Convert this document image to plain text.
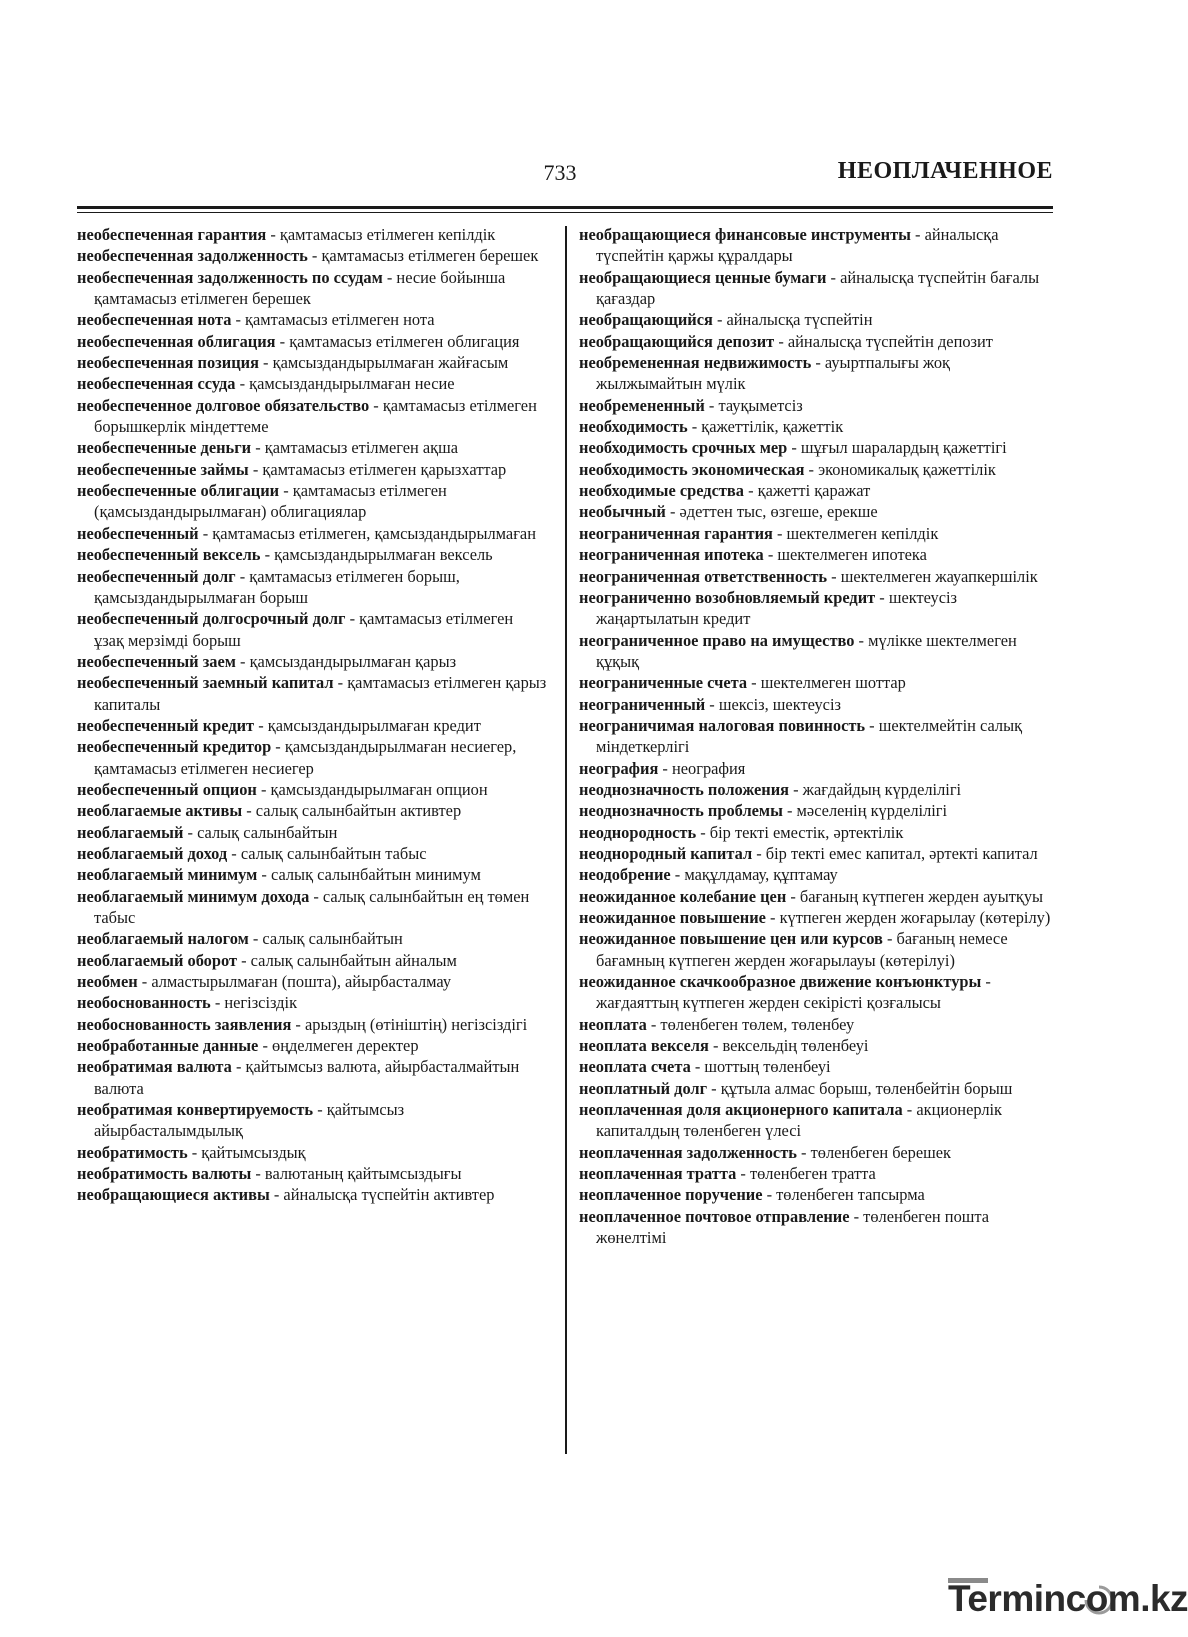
733	НЕОПЛАЧЕННОЕ
необеспеченная гарантия - қамтамасыз етілмеген кепілдік
необеспеченная задолженность - қамтамасыз етілмеген берешек
необеспеченная задолженность по ссудам - несие бойынша қамтамасыз етілмеген берешек
необеспеченная нота - қамтамасыз етілмеген нота
необеспеченная облигация - қамтамасыз етілмеген облигация
необеспеченная позиция - қамсыздандырылмаған жайғасым
необеспеченная ссуда - қамсыздандырылмаған несие
необеспеченное долговое обязательство - қамтамасыз етілмеген борышкерлік міндеттеме
необеспеченные деньги - қамтамасыз етілмеген ақша
необеспеченные займы - қамтамасыз етілмеген қарызхаттар
необеспеченные облигации - қамтамасыз етілмеген (қамсыздандырылмаған) облигациялар
необеспеченный - қамтамасыз етілмеген, қамсыздандырылмаған
необеспеченный вексель - қамсыздандырылмаған вексель
необеспеченный долг - қамтамасыз етілмеген борыш, қамсыздандырылмаған борыш
необеспеченный долгосрочный долг - қамтамасыз етілмеген ұзақ мерзімді борыш
необеспеченный заем - қамсыздандырылмаған қарыз
необеспеченный заемный капитал - қамтамасыз етілмеген қарыз капиталы
необеспеченный кредит - қамсыздандырылмаған кредит
необеспеченный кредитор - қамсыздандырылмаған несиегер, қамтамасыз етілмеген несиегер
необеспеченный опцион - қамсыздандырылмаған опцион
необлагаемые активы - салық салынбайтын активтер
необлагаемый - салық салынбайтын
необлагаемый доход - салық салынбайтын табыс
необлагаемый минимум - салық салынбайтын минимум
необлагаемый минимум дохода - салық салынбайтын ең төмен табыс
необлагаемый налогом - салық салынбайтын
необлагаемый оборот - салық салынбайтын айналым
необмен - алмастырылмаған (пошта), айырбасталмау
необоснованность - негізсіздік
необоснованность заявления - арыздың (өтініштің) негізсіздігі
необработанные данные - өңделмеген деректер
необратимая валюта - қайтымсыз валюта, айырбасталмайтын валюта
необратимая конвертируемость - қайтымсыз айырбасталымдылық
необратимость - қайтымсыздық
необратимость валюты - валютаның қайтымсыздығы
необращающиеся активы - айналысқа түспейтін активтер
необращающиеся финансовые инструменты - айналысқа түспейтін қаржы құралдары
необращающиеся ценные бумаги - айналысқа түспейтін бағалы қағаздар
необращающийся - айналысқа түспейтін
необращающийся депозит - айналысқа түспейтін депозит
необремененная недвижимость - ауыртпалығы жоқ жылжымайтын мүлік
необремененный - тауқыметсіз
необходимость - қажеттілік, қажеттік
необходимость срочных мер - шұғыл шаралардың қажеттігі
необходимость экономическая - экономикалық қажеттілік
необходимые средства - қажетті қаражат
необычный - әдеттен тыс, өзгеше, ерекше
неограниченная гарантия - шектелмеген кепілдік
неограниченная ипотека - шектелмеген ипотека
неограниченная ответственность - шектелмеген жауапкершілік
неограниченно возобновляемый кредит - шектеусіз жаңартылатын кредит
неограниченное право на имущество - мүлікке шектелмеген құқық
неограниченные счета - шектелмеген шоттар
неограниченный - шексіз, шектеусіз
неограничимая налоговая повинность - шектелмейтін салық міндеткерлігі
неография - неография
неоднозначность положения - жағдайдың күрделілігі
неоднозначность проблемы - мәселенің күрделілігі
неоднородность - бір текті еместік, әртектілік
неоднородный капитал - бір текті емес капитал, әртекті капитал
неодобрение - мақұлдамау, құптамау
неожиданное колебание цен - бағаның күтпеген жерден ауытқуы
неожиданное повышение - күтпеген жерден жоғарылау (көтерілу)
неожиданное повышение цен или курсов - бағаның немесе бағамның күтпеген жерден жоғарылауы (көтерілуі)
неожиданное скачкообразное движение конъюнктуры - жағдаяттың күтпеген жерден секірісті қозғалысы
неоплата - төленбеген төлем, төленбеу
неоплата векселя - вексельдің төленбеуі
неоплата счета - шоттың төленбеуі
неоплатный долг - құтыла алмас борыш, төленбейтін борыш
неоплаченная доля акционерного капитала - акционерлік капиталдың төленбеген үлесі
неоплаченная задолженность - төленбеген берешек
неоплаченная тратта - төленбеген тратта
неоплаченное поручение - төленбеген тапсырма
неоплаченное почтовое отправление - төленбеген пошта жөнелтімі
Termincom.kz
